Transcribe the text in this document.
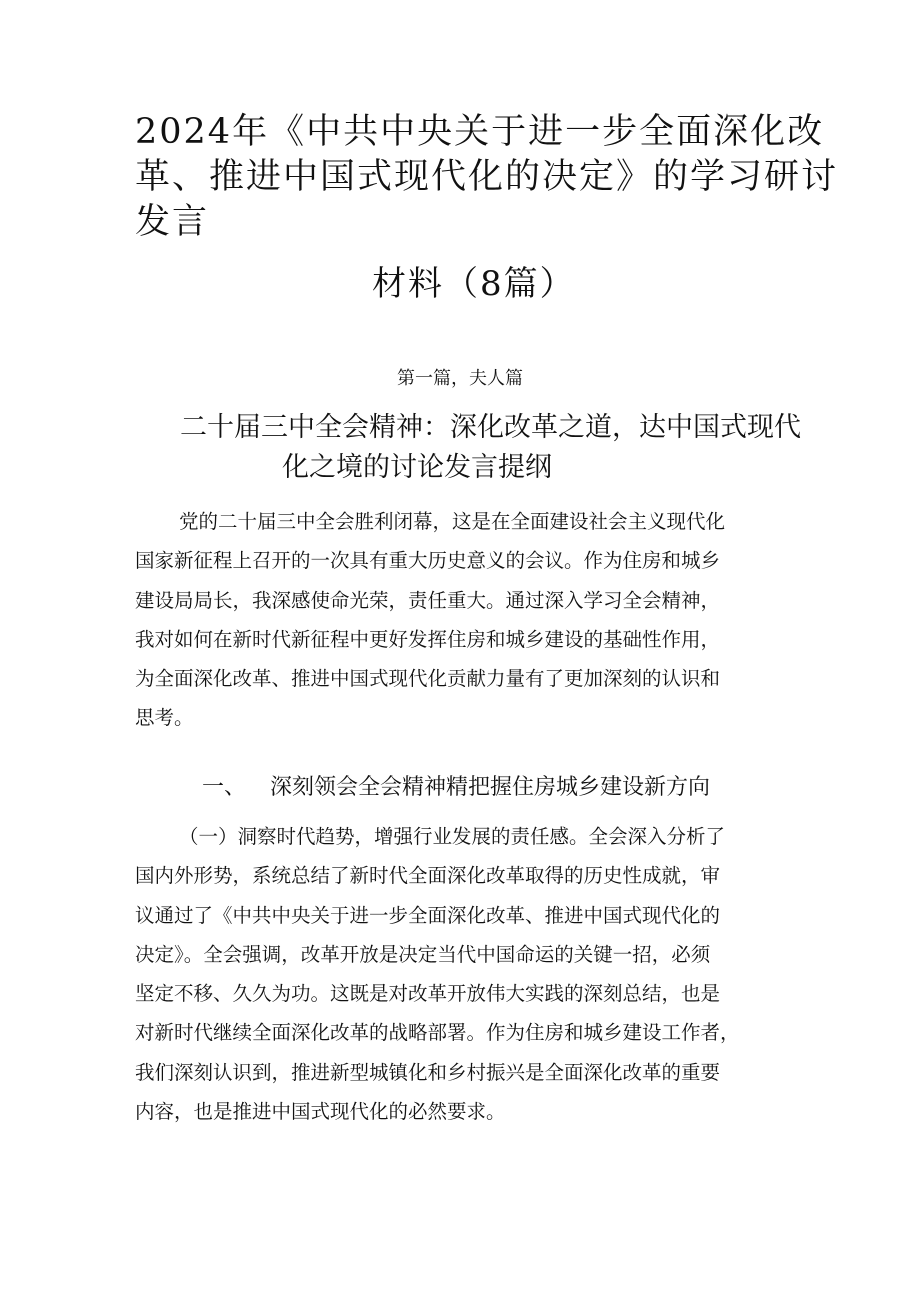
2024年《中共中央关于进一步全面深化改
革、推进中国式现代化的决定》的学习研讨
发言
材料（8篇）
第一篇，夫人篇
二十届三中全会精神：深化改革之道，达中国式现代
化之境的讨论发言提纲
党的二十届三中全会胜利闭幕，这是在全面建设社会主义现代化
国家新征程上召开的一次具有重大历史意义的会议。作为住房和城乡
建设局局长，我深感使命光荣，责任重大。通过深入学习全会精神，
我对如何在新时代新征程中更好发挥住房和城乡建设的基础性作用，
为全面深化改革、推进中国式现代化贡献力量有了更加深刻的认识和
思考。
一、 深刻领会全会精神精把握住房城乡建设新方向
（一）洞察时代趋势，增强行业发展的责任感。全会深入分析了
国内外形势，系统总结了新时代全面深化改革取得的历史性成就，审
议通过了《中共中央关于进一步全面深化改革、推进中国式现代化的
决定》。全会强调，改革开放是决定当代中国命运的关键一招，必须
坚定不移、久久为功。这既是对改革开放伟大实践的深刻总结，也是
对新时代继续全面深化改革的战略部署。作为住房和城乡建设工作者，
我们深刻认识到，推进新型城镇化和乡村振兴是全面深化改革的重要
内容，也是推进中国式现代化的必然要求。
